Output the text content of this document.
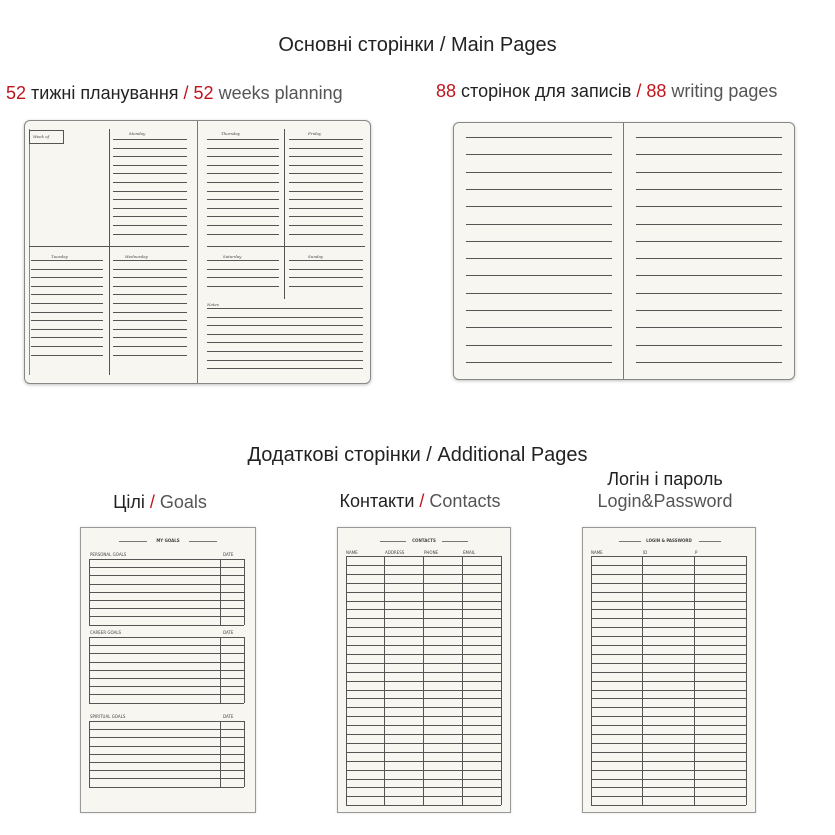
Основні сторінки / Main Pages
52 тижні планування / 52 weeks planning	88 сторінок для записів / 88 writing pages
Week of
Monday
Tuesday	Wednesday
Thursday	Friday
Saturday	Sunday
Notes
Додаткові сторінки / Additional Pages
Цілі / Goals	Контакти / Contacts
Логін і пароль
Login&Password
MY GOALS
PERSONAL GOALS	DATE
CAREER GOALS	DATE
SPIRITUAL GOALS	DATE
CONTACTS
NAME	ADDRESS	PHONE	EMAIL
LOGIN & PASSWORD
NAME	ID	P
